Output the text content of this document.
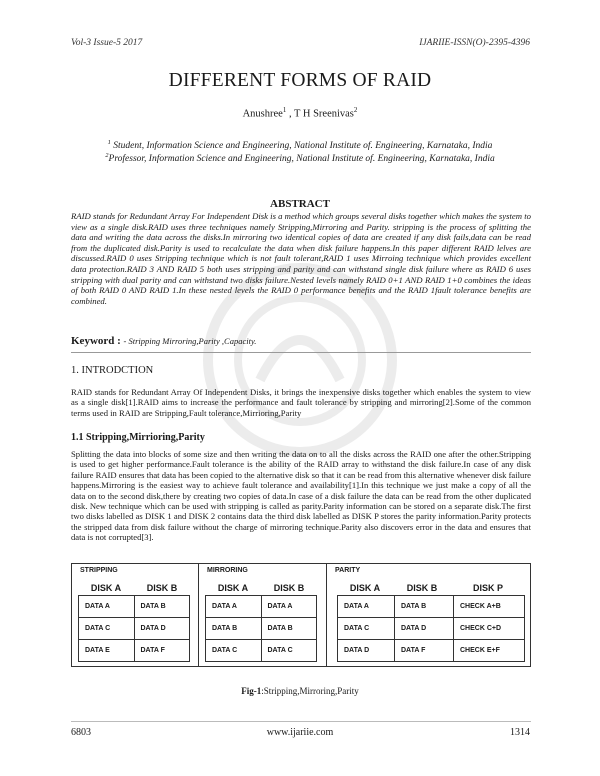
Vol-3 Issue-5 2017	IJARIIE-ISSN(O)-2395-4396
DIFFERENT FORMS OF RAID
Anushree$^1$ , T H Sreenivas$^2$
$^1$ Student, Information Science and Engineering, National Institute of. Engineering, Karnataka, India
$^2$Professor, Information Science and Engineering, National Institute of. Engineering, Karnataka, India
ABSTRACT
RAID stands for Redundant Array For Independent Disk is a method which groups several disks together which makes the system to view as a single disk.RAID uses three techniques namely Stripping,Mirroring and Parity. stripping is the process of splitting the data and writing the data across the disks.In mirroring two identical copies of data are created if any disk fails,data can be read from the duplicated disk.Parity is used to recalculate the data when disk failure happens.In this paper different RAID lelves are discussed.RAID 0 uses Stripping technique which is not fault tolerant,RAID 1 uses Mirroing technique which provides excellent data protection.RAID 3 AND RAID 5 both uses stripping and parity and can withstand single disk failure where as RAID 6 uses stripping with dual parity and can withstand two disks failure.Nested levels namely RAID 0+1 AND RAID 1+0 combines the ideas of both RAID 0 AND RAID 1.In these nested levels the RAID 0 performance benefits and the RAID 1fault tolerance benefits are combined.
Keyword : - Stripping Mirroring,Parity ,Capacity.
1. INTRODCTION
RAID stands for Redundant Array Of Independent Disks, it brings the inexpensive disks together which enables the system to view as a single disk[1].RAID aims to increase the performance and fault tolerance by stripping and mirroring[2].Some of the common terms used in RAID are Stripping,Fault tolerance,Mirrioring,Parity
1.1 Stripping,Mirrioring,Parity
Splitting the data into blocks of some size and then writing the data on to all the disks across the RAID one after the other.Stripping is used to get higher performance.Fault tolerance is the ability of the RAID array to withstand the disk failure.In case of any disk failure RAID ensures that data has been copied to the alternative disk so that it can be read from this alternative whenever disk failure happens.Mirroring is the easiest way to achieve fault tolerance and availability[1].In this technique we just make a copy of all the data on to the second disk,there by creating two copies of data.In case of a disk failure the data can be read from the other duplicated disk. New technique which can be used with stripping is called as parity.Parity information can be stored on a separate disk.The first two disks labelled as DISK 1 and DISK 2 contains data the third disk labelled as DISK P stores the parity information.Parity protects the stripped data from disk failure without the charge of mirroring technique.Parity also discovers error in the data and ensures that data is not corrupted[3].
STRIPPING
DISK A	DISK B
DATA A	DATA B
DATA C	DATA D
DATA E	DATA F
MIRRORING
DISK A	DISK B
DATA A	DATA A
DATA B	DATA B
DATA C	DATA C
PARITY
DISK A	DISK B	DISK P
DATA A	DATA B	CHECK A+B
DATA C	DATA D	CHECK C+D
DATA D	DATA F	CHECK E+F
Fig-1:Stripping,Mirroring,Parity
6803	www.ijariie.com	1314
